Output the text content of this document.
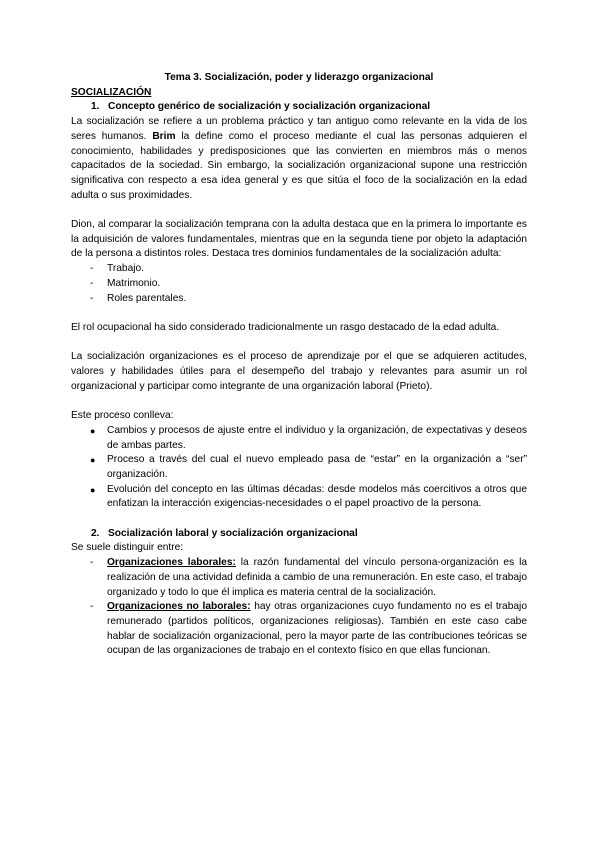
Tema 3. Socialización, poder y liderazgo organizacional

SOCIALIZACIÓN

1. Concepto genérico de socialización y socialización organizacional

La socialización se refiere a un problema práctico y tan antiguo como relevante en la vida de los seres humanos. Brim la define como el proceso mediante el cual las personas adquieren el conocimiento, habilidades y predisposiciones que las convierten en miembros más o menos capacitados de la sociedad. Sin embargo, la socialización organizacional supone una restricción significativa con respecto a esa idea general y es que sitúa el foco de la socialización en la edad adulta o sus proximidades.

Dion, al comparar la socialización temprana con la adulta destaca que en la primera lo importante es la adquisición de valores fundamentales, mientras que en la segunda tiene por objeto la adaptación de la persona a distintos roles. Destaca tres dominios fundamentales de la socialización adulta:

- Trabajo.
- Matrimonio.
- Roles parentales.

El rol ocupacional ha sido considerado tradicionalmente un rasgo destacado de la edad adulta.

La socialización organizaciones es el proceso de aprendizaje por el que se adquieren actitudes, valores y habilidades útiles para el desempeño del trabajo y relevantes para asumir un rol organizacional y participar como integrante de una organización laboral (Prieto).

Este proceso conlleva:

● Cambios y procesos de ajuste entre el individuo y la organización, de expectativas y deseos de ambas partes.
● Proceso a través del cual el nuevo empleado pasa de “estar” en la organización a “ser” organización.
● Evolución del concepto en las últimas décadas: desde modelos más coercitivos a otros que enfatizan la interacción exigencias-necesidades o el papel proactivo de la persona.

2. Socialización laboral y socialización organizacional

Se suele distinguir entre:

- Organizaciones laborales: la razón fundamental del vínculo persona-organización es la realización de una actividad definida a cambio de una remuneración. En este caso, el trabajo organizado y todo lo que él implica es materia central de la socialización.
- Organizaciones no laborales: hay otras organizaciones cuyo fundamento no es el trabajo remunerado (partidos políticos, organizaciones religiosas). También en este caso cabe hablar de socialización organizacional, pero la mayor parte de las contribuciones teóricas se ocupan de las organizaciones de trabajo en el contexto físico en que ellas funcionan.
